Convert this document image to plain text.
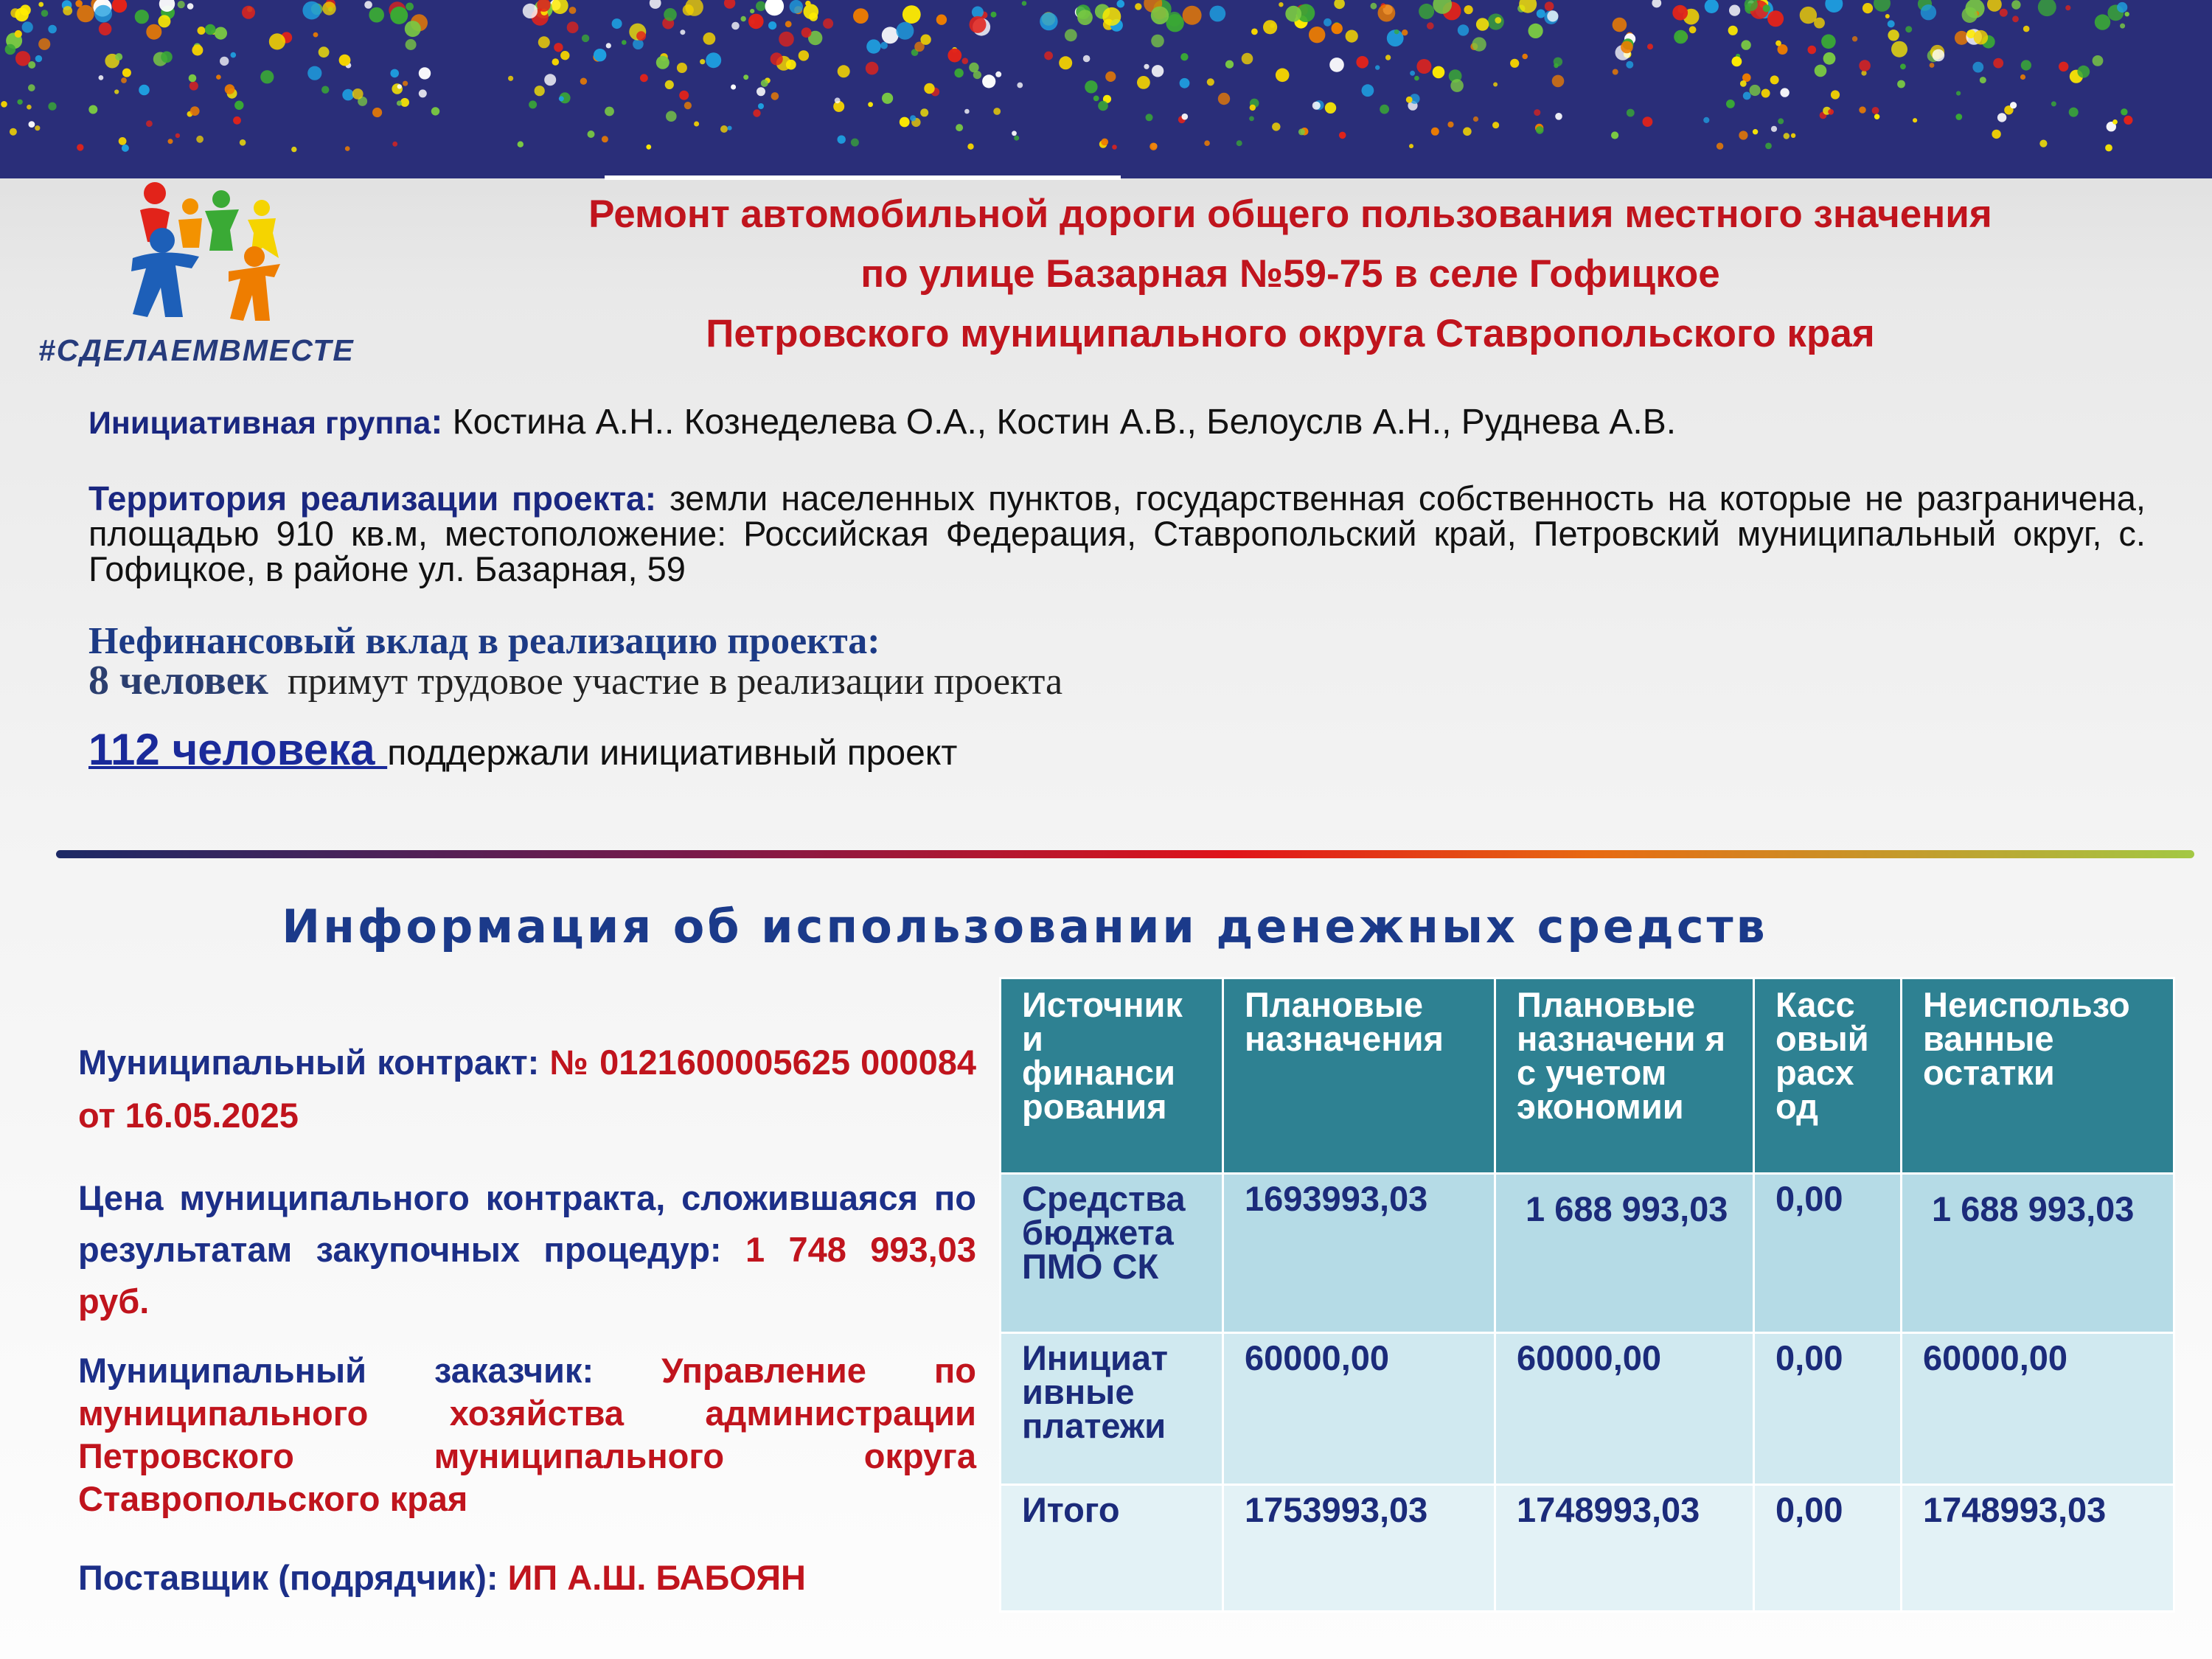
#СДЕЛАЕМВМЕСТЕ
Ремонт автомобильной дороги общего пользования местного значения
по улице Базарная №59-75 в селе Гофицкое
Петровского муниципального округа Ставропольского края
Инициативная группа: Костина А.Н.. Кознеделева О.А., Костин А.В., Белоуслв А.Н., Руднева А.В.
Территория реализации проекта: земли населенных пунктов, государственная собственность на которые не разграничена, площадью 910 кв.м, местоположение: Российская Федерация, Ставропольский край, Петровский муниципальный округ, с. Гофицкое, в районе ул. Базарная, 59
Нефинансовый вклад в реализацию проекта:
8 человек примут трудовое участие в реализации проекта
112 человека поддержали инициативный проект
Информация об использовании денежных средств
Муниципальный контракт: № 0121600005625 000084 от 16.05.2025
Цена муниципального контракта, сложившаяся по результатам закупочных процедур: 1 748 993,03 руб.
Муниципальный заказчик: Управление по муниципального хозяйства администрации Петровского муниципального округа Ставропольского края
Поставщик (подрядчик): ИП А.Ш. БАБОЯН
Источник и финанси рования	Плановые назначения	Плановые назначени я с учетом экономии	Касс овый расх од	Неиспользо ванные остатки
Средства бюджета ПМО СК	1693993,03	1 688 993,03	0,00	1 688 993,03
Инициат ивные платежи	60000,00	60000,00	0,00	60000,00
Итого	1753993,03	1748993,03	0,00	1748993,03
